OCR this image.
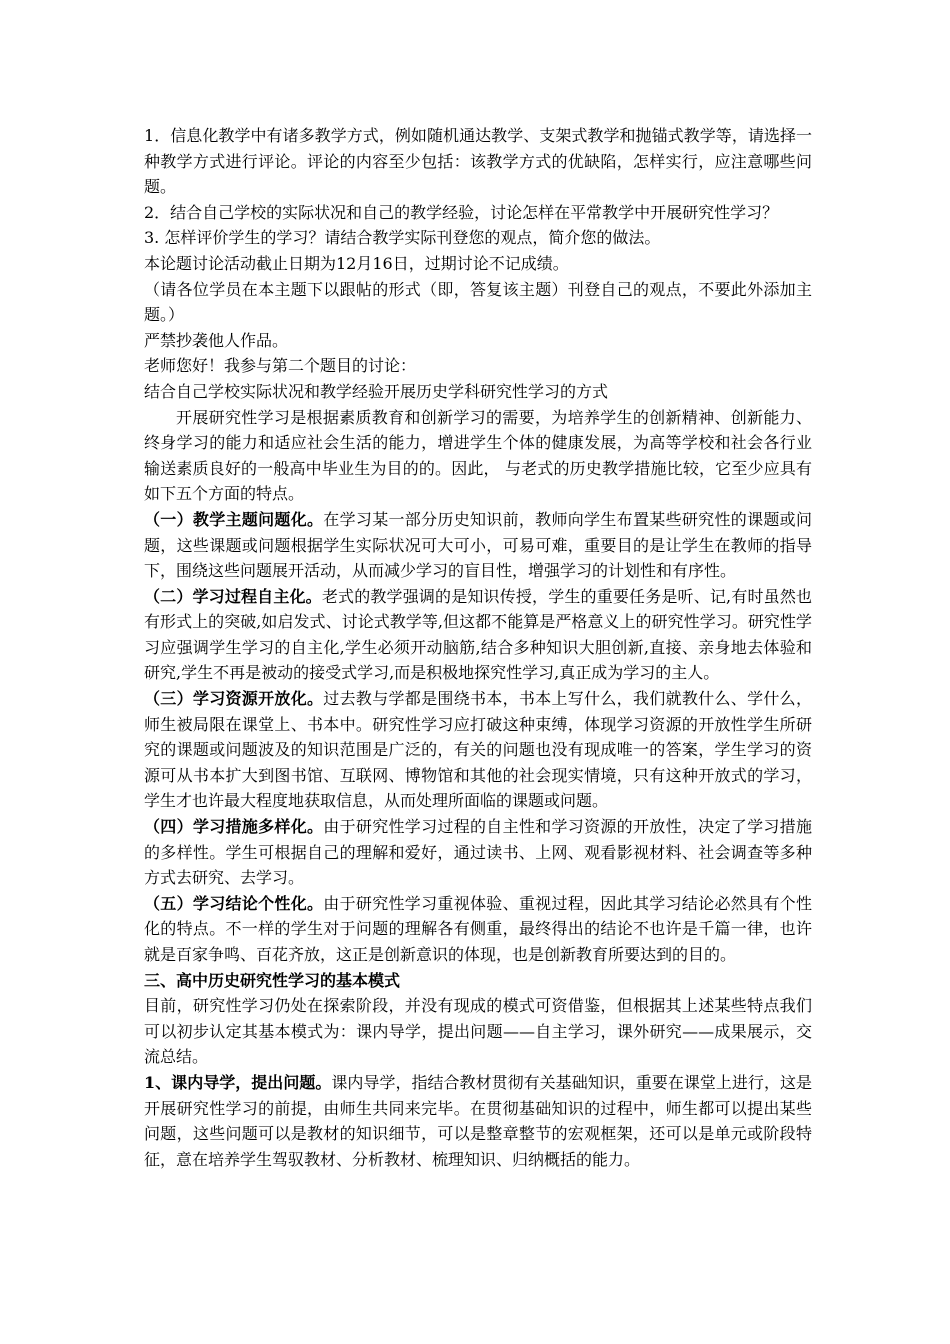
1．信息化教学中有诸多教学方式，例如随机通达教学、支架式教学和抛锚式教学等，请选择一种教学方式进行评论。评论的内容至少包括：该教学方式的优缺陷，怎样实行，应注意哪些问题。

2．结合自己学校的实际状况和自己的教学经验，讨论怎样在平常教学中开展研究性学习？

3. 怎样评价学生的学习？请结合教学实际刊登您的观点，简介您的做法。

本论题讨论活动截止日期为12月16日，过期讨论不记成绩。

（请各位学员在本主题下以跟帖的形式（即，答复该主题）刊登自己的观点，不要此外添加主题。）

严禁抄袭他人作品。

老师您好！我参与第二个题目的讨论：

结合自己学校实际状况和教学经验开展历史学科研究性学习的方式

开展研究性学习是根据素质教育和创新学习的需要，为培养学生的创新精神、创新能力、终身学习的能力和适应社会生活的能力，增进学生个体的健康发展，为高等学校和社会各行业输送素质良好的一般高中毕业生为目的的。因此， 与老式的历史教学措施比较，它至少应具有如下五个方面的特点。

（一）教学主题问题化。在学习某一部分历史知识前，教师向学生布置某些研究性的课题或问题，这些课题或问题根据学生实际状况可大可小，可易可难，重要目的是让学生在教师的指导下，围绕这些问题展开活动，从而减少学习的盲目性，增强学习的计划性和有序性。

（二）学习过程自主化。老式的教学强调的是知识传授，学生的重要任务是听、记,有时虽然也有形式上的突破,如启发式、讨论式教学等,但这都不能算是严格意义上的研究性学习。研究性学习应强调学生学习的自主化,学生必须开动脑筋,结合多种知识大胆创新,直接、亲身地去体验和研究,学生不再是被动的接受式学习,而是积极地探究性学习,真正成为学习的主人。

（三）学习资源开放化。过去教与学都是围绕书本，书本上写什么，我们就教什么、学什么，师生被局限在课堂上、书本中。研究性学习应打破这种束缚，体现学习资源的开放性学生所研究的课题或问题波及的知识范围是广泛的，有关的问题也没有现成唯一的答案，学生学习的资源可从书本扩大到图书馆、互联网、博物馆和其他的社会现实情境，只有这种开放式的学习，学生才也许最大程度地获取信息，从而处理所面临的课题或问题。

（四）学习措施多样化。由于研究性学习过程的自主性和学习资源的开放性，决定了学习措施的多样性。学生可根据自己的理解和爱好，通过读书、上网、观看影视材料、社会调查等多种方式去研究、去学习。

（五）学习结论个性化。由于研究性学习重视体验、重视过程，因此其学习结论必然具有个性化的特点。不一样的学生对于问题的理解各有侧重，最终得出的结论不也许是千篇一律，也许就是百家争鸣、百花齐放，这正是创新意识的体现，也是创新教育所要达到的目的。

三、高中历史研究性学习的基本模式

目前，研究性学习仍处在探索阶段，并没有现成的模式可资借鉴，但根据其上述某些特点我们可以初步认定其基本模式为：课内导学，提出问题——自主学习，课外研究——成果展示，交流总结。

1、课内导学，提出问题。课内导学，指结合教材贯彻有关基础知识，重要在课堂上进行，这是开展研究性学习的前提，由师生共同来完毕。在贯彻基础知识的过程中，师生都可以提出某些问题，这些问题可以是教材的知识细节，可以是整章整节的宏观框架，还可以是单元或阶段特征，意在培养学生驾驭教材、分析教材、梳理知识、归纳概括的能力。
